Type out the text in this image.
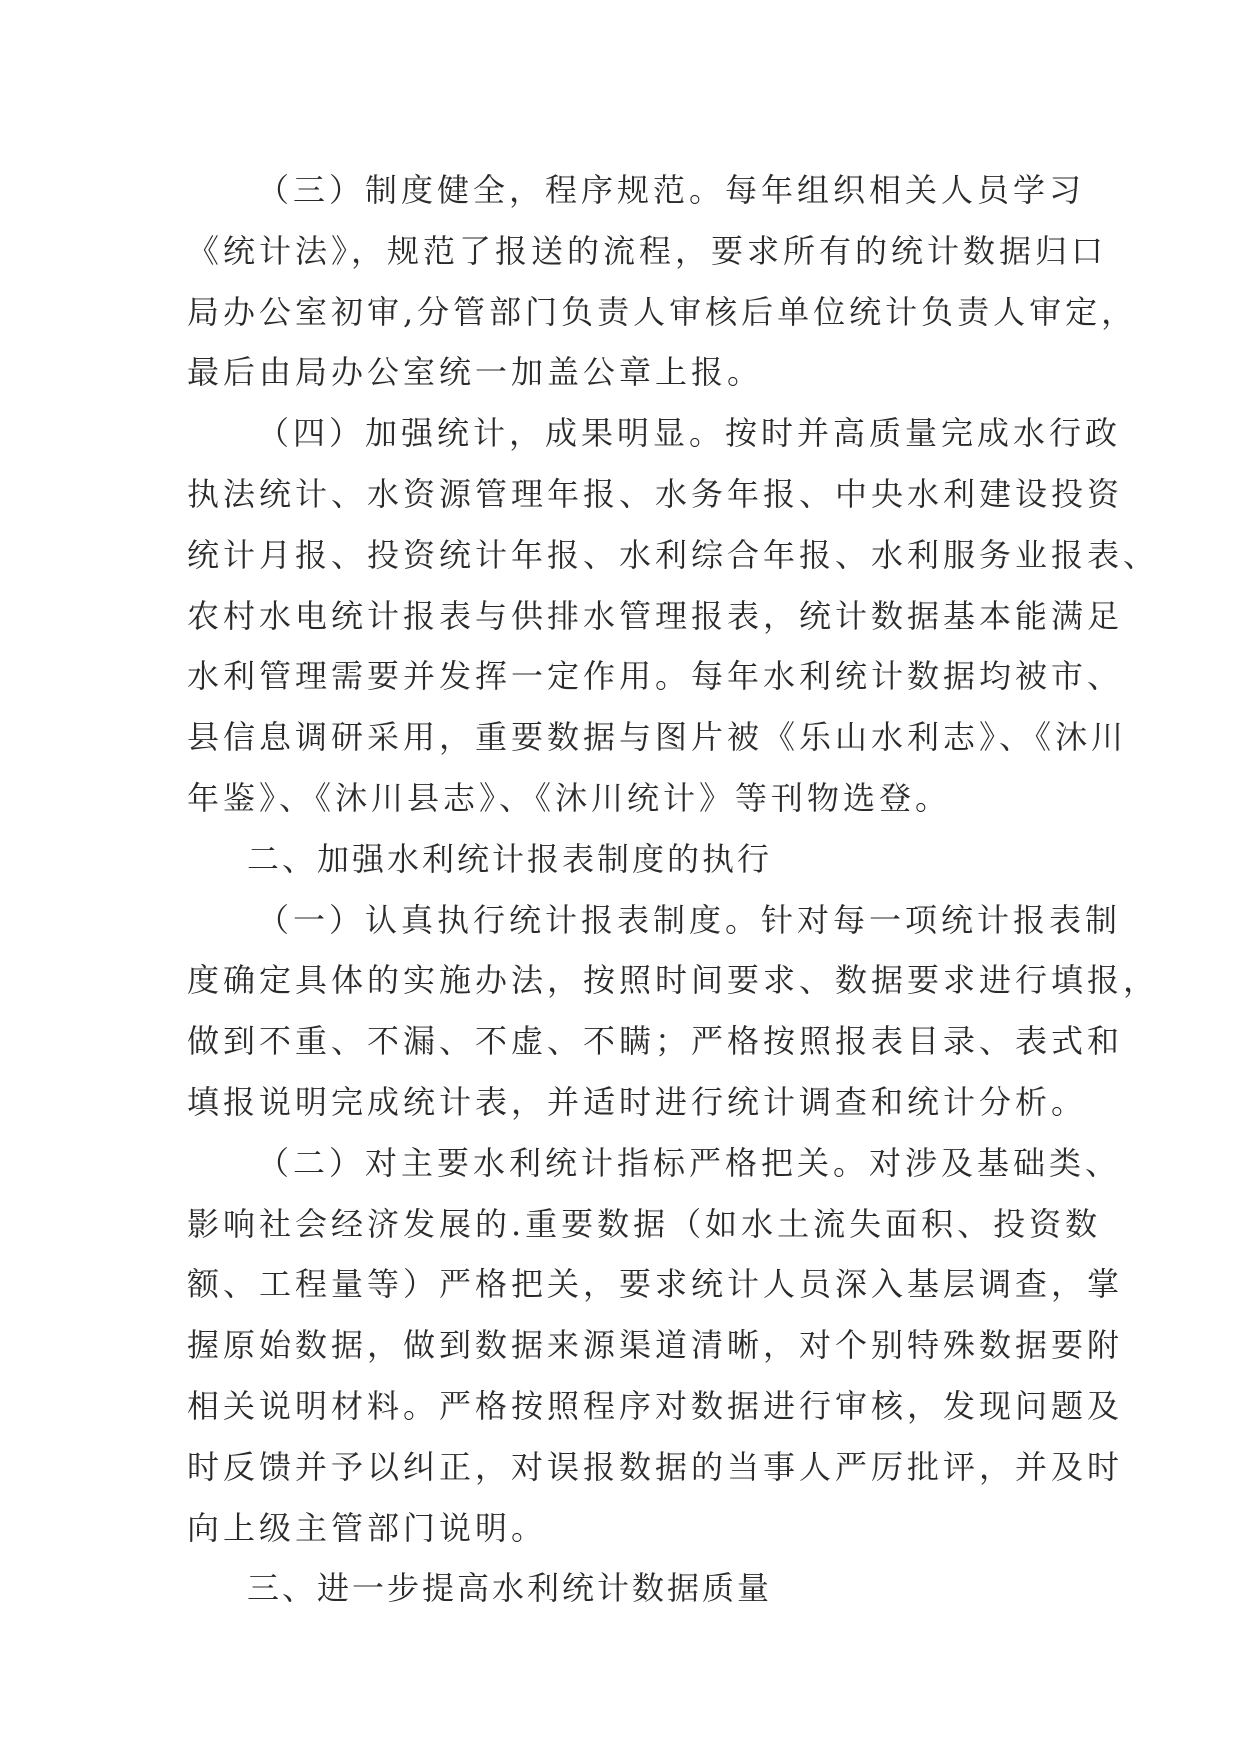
（三）制度健全，程序规范。每年组织相关人员学习
《统计法》，规范了报送的流程，要求所有的统计数据归口
局办公室初审,分管部门负责人审核后单位统计负责人审定，
最后由局办公室统一加盖公章上报。
（四）加强统计，成果明显。按时并高质量完成水行政
执法统计、水资源管理年报、水务年报、中央水利建设投资
统计月报、投资统计年报、水利综合年报、水利服务业报表、
农村水电统计报表与供排水管理报表，统计数据基本能满足
水利管理需要并发挥一定作用。每年水利统计数据均被市、
县信息调研采用，重要数据与图片被《乐山水利志》、《沐川
年鉴》、《沐川县志》、《沐川统计》等刊物选登。
二、加强水利统计报表制度的执行
（一）认真执行统计报表制度。针对每一项统计报表制
度确定具体的实施办法，按照时间要求、数据要求进行填报，
做到不重、不漏、不虚、不瞒；严格按照报表目录、表式和
填报说明完成统计表，并适时进行统计调查和统计分析。
（二）对主要水利统计指标严格把关。对涉及基础类、
影响社会经济发展的.重要数据（如水土流失面积、投资数
额、工程量等）严格把关，要求统计人员深入基层调查，掌
握原始数据，做到数据来源渠道清晰，对个别特殊数据要附
相关说明材料。严格按照程序对数据进行审核，发现问题及
时反馈并予以纠正，对误报数据的当事人严厉批评，并及时
向上级主管部门说明。
三、进一步提高水利统计数据质量
